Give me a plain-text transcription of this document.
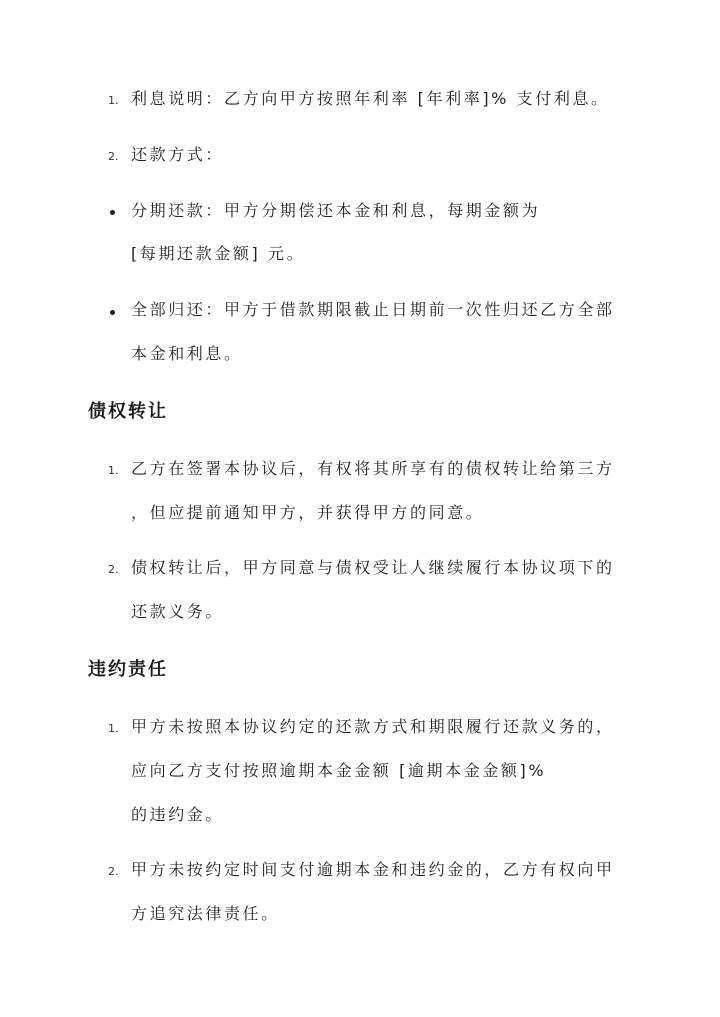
1. 利息说明：乙方向甲方按照年利率 [年利率]% 支付利息。
2. 还款方式：
分期还款：甲方分期偿还本金和利息，每期金额为
[每期还款金额] 元。
全部归还：甲方于借款期限截止日期前一次性归还乙方全部
本金和利息。
债权转让
1. 乙方在签署本协议后，有权将其所享有的债权转让给第三方
，但应提前通知甲方，并获得甲方的同意。
2. 债权转让后，甲方同意与债权受让人继续履行本协议项下的
还款义务。
违约责任
1. 甲方未按照本协议约定的还款方式和期限履行还款义务的，
应向乙方支付按照逾期本金金额 [逾期本金金额]%
的违约金。
2. 甲方未按约定时间支付逾期本金和违约金的，乙方有权向甲
方追究法律责任。
